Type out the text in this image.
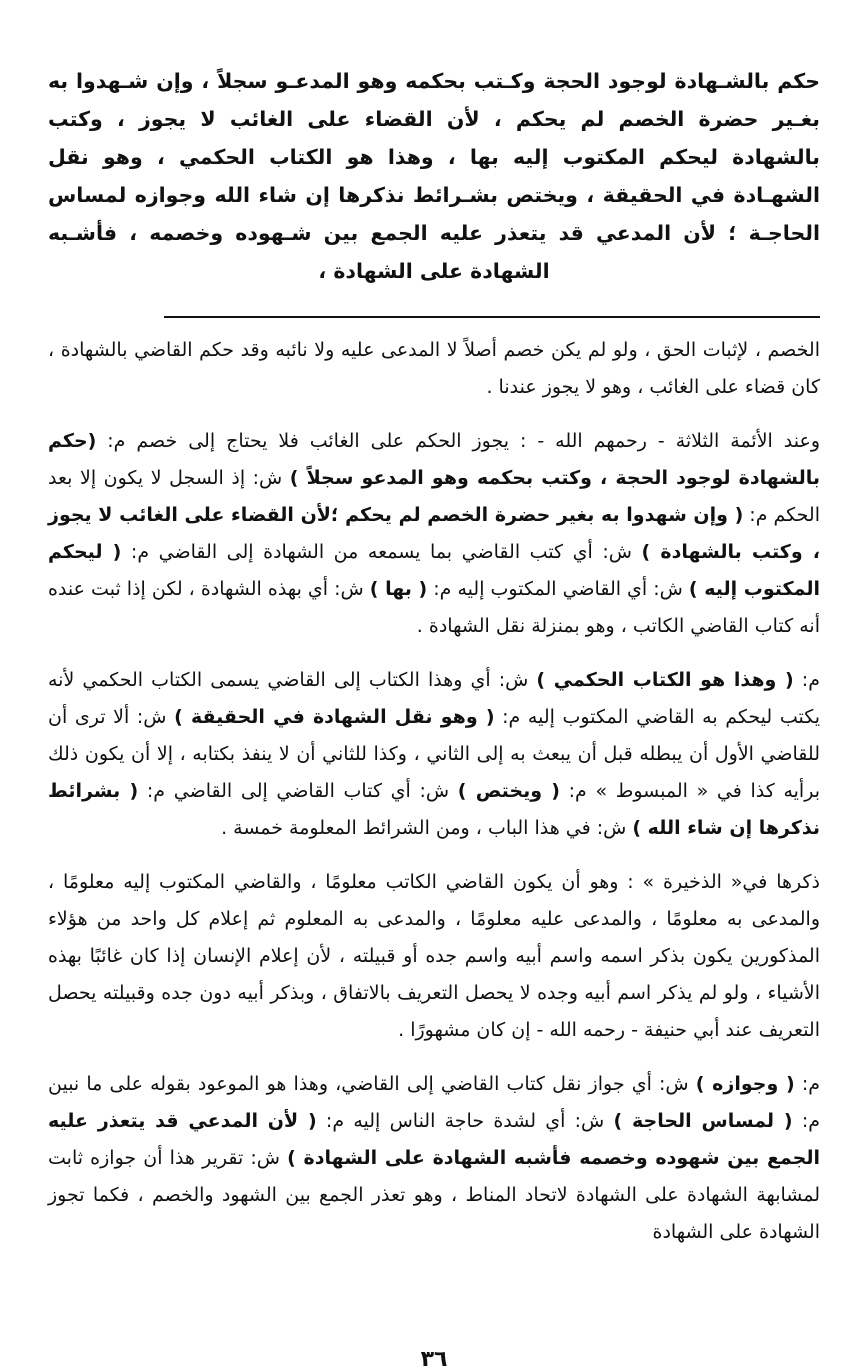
حكم بالشـهادة لوجود الحجة وكـتب بحكمه وهو المدعـو سجلاً ، وإن شـهدوا به بغـير حضرة الخصم لم يحكم ، لأن القضاء على الغائب لا يجوز ، وكتب بالشهادة ليحكم المكتوب إليه بها ، وهذا هو الكتاب الحكمي ، وهو نقل الشهـادة في الحقيقة ، ويختص بشـرائط نذكرها إن شاء الله وجوازه لمساس الحاجـة ؛ لأن المدعي قد يتعذر عليه الجمع بين شـهوده وخصمه ، فأشـبه الشهادة على الشهادة ،

الخصم ، لإثبات الحق ، ولو لم يكن خصم أصلاً لا المدعى عليه ولا نائبه وقد حكم القاضي بالشهادة ، كان قضاء على الغائب ، وهو لا يجوز عندنا .

وعند الأئمة الثلاثة - رحمهم الله - : يجوز الحكم على الغائب فلا يحتاج إلى خصم م: (حكم بالشهادة لوجود الحجة ، وكتب بحكمه وهو المدعو سجلاً ) ش: إذ السجل لا يكون إلا بعد الحكم م: ( وإن شهدوا به بغير حضرة الخصم لم يحكم ؛لأن القضاء على الغائب لا يجوز ، وكتب بالشهادة ) ش: أي كتب القاضي بما يسمعه من الشهادة إلى القاضي م: ( ليحكم المكتوب إليه ) ش: أي القاضي المكتوب إليه م: ( بها ) ش: أي بهذه الشهادة ، لكن إذا ثبت عنده أنه كتاب القاضي الكاتب ، وهو بمنزلة نقل الشهادة .

م: ( وهذا هو الكتاب الحكمي ) ش: أي وهذا الكتاب إلى القاضي يسمى الكتاب الحكمي لأنه يكتب ليحكم به القاضي المكتوب إليه م: ( وهو نقل الشهادة في الحقيقة ) ش: ألا ترى أن للقاضي الأول أن يبطله قبل أن يبعث به إلى الثاني ، وكذا للثاني أن لا ينفذ بكتابه ، إلا أن يكون ذلك برأيه كذا في « المبسوط » م: ( ويختص ) ش: أي كتاب القاضي إلى القاضي م: ( بشرائط نذكرها إن شاء الله ) ش: في هذا الباب ، ومن الشرائط المعلومة خمسة .

ذكرها في« الذخيرة » : وهو أن يكون القاضي الكاتب معلومًا ، والقاضي المكتوب إليه معلومًا ، والمدعى به معلومًا ، والمدعى عليه معلومًا ، والمدعى به المعلوم ثم إعلام كل واحد من هؤلاء المذكورين يكون بذكر اسمه واسم أبيه واسم جده أو قبيلته ، لأن إعلام الإنسان إذا كان غائبًا بهذه الأشياء ، ولو لم يذكر اسم أبيه وجده لا يحصل التعريف بالاتفاق ، وبذكر أبيه دون جده وقبيلته يحصل التعريف عند أبي حنيفة - رحمه الله - إن كان مشهورًا .

م: ( وجوازه ) ش: أي جواز نقل كتاب القاضي إلى القاضي، وهذا هو الموعود بقوله على ما نبين م: ( لمساس الحاجة ) ش: أي لشدة حاجة الناس إليه م: ( لأن المدعي قد يتعذر عليه الجمع بين شهوده وخصمه فأشبه الشهادة على الشهادة ) ش: تقرير هذا أن جوازه ثابت لمشابهة الشهادة على الشهادة لاتحاد المناط ، وهو تعذر الجمع بين الشهود والخصم ، فكما تجوز الشهادة على الشهادة

٣٦
